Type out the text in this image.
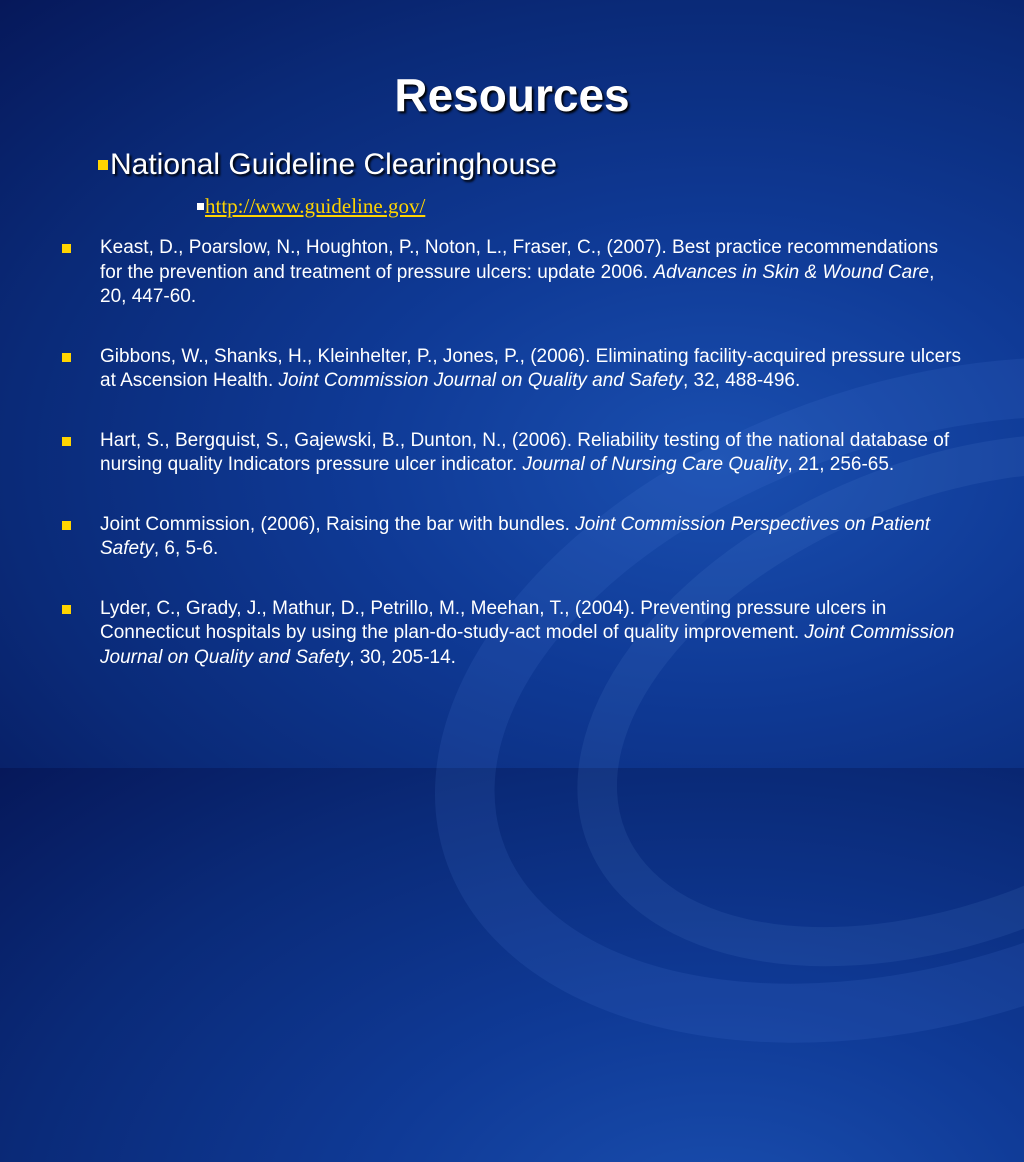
Resources
National Guideline Clearinghouse
http://www.guideline.gov/
Keast, D., Poarslow, N., Houghton, P., Noton, L., Fraser, C., (2007). Best practice recommendations for the prevention and treatment of pressure ulcers: update 2006. Advances in Skin & Wound Care, 20, 447-60.
Gibbons, W., Shanks, H., Kleinhelter, P., Jones, P., (2006). Eliminating facility-acquired pressure ulcers at Ascension Health. Joint Commission Journal on Quality and Safety, 32, 488-496.
Hart, S., Bergquist, S., Gajewski, B., Dunton, N., (2006). Reliability testing of the national database of nursing quality Indicators pressure ulcer indicator. Journal of Nursing Care Quality, 21, 256-65.
Joint Commission, (2006), Raising the bar with bundles. Joint Commission Perspectives on Patient Safety, 6, 5-6.
Lyder, C., Grady, J., Mathur, D., Petrillo, M., Meehan, T., (2004). Preventing pressure ulcers in Connecticut hospitals by using the plan-do-study-act model of quality improvement. Joint Commission Journal on Quality and Safety, 30, 205-14.
